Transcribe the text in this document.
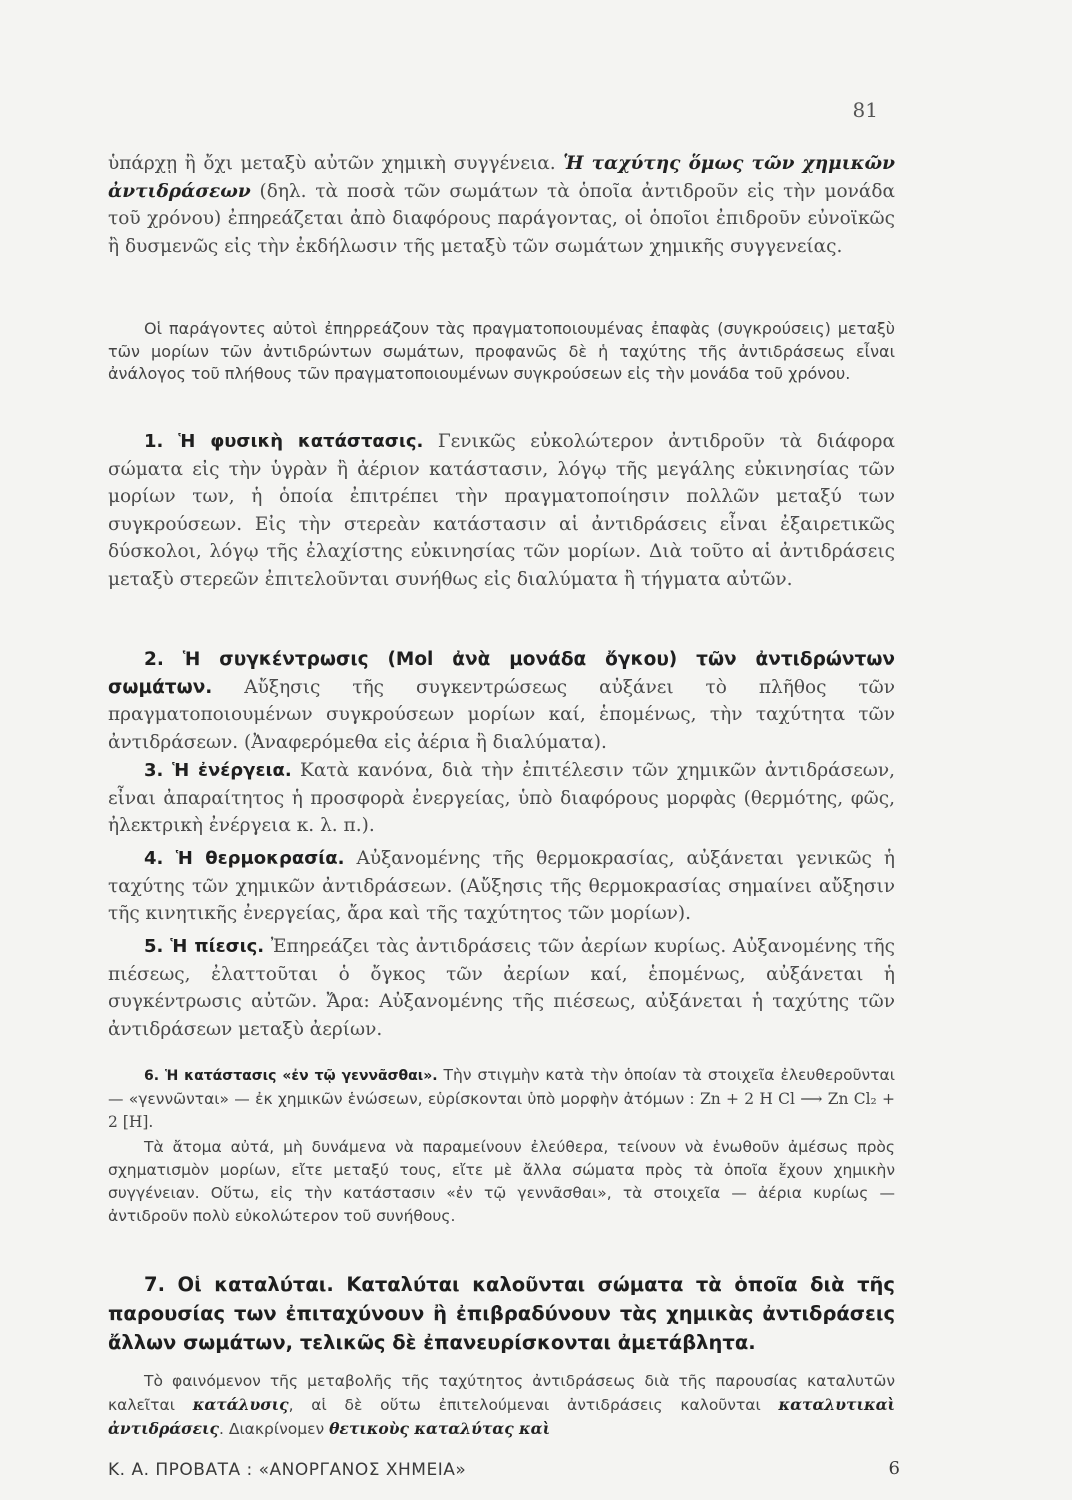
81

ὑπάρχῃ ἢ ὄχι μεταξὺ αὐτῶν χημικὴ συγγένεια. Ἡ ταχύτης ὅμως τῶν χημικῶν ἀντιδράσεων (δηλ. τὰ ποσὰ τῶν σωμάτων τὰ ὁποῖα ἀντιδροῦν εἰς τὴν μονάδα τοῦ χρόνου) ἐπηρεάζεται ἀπὸ διαφόρους παράγοντας, οἱ ὁποῖοι ἐπιδροῦν εὐνοϊκῶς ἢ δυσμενῶς εἰς τὴν ἐκδήλωσιν τῆς μεταξὺ τῶν σωμάτων χημικῆς συγγενείας.

Οἱ παράγοντες αὐτοὶ ἐπηρρεάζουν τὰς πραγματοποιουμένας ἐπαφὰς (συγκρούσεις) μεταξὺ τῶν μορίων τῶν ἀντιδρώντων σωμάτων, προφανῶς δὲ ἡ ταχύτης τῆς ἀντιδράσεως εἶναι ἀνάλογος τοῦ πλήθους τῶν πραγματοποιουμένων συγκρούσεων εἰς τὴν μονάδα τοῦ χρόνου.

1. Ἡ φυσικὴ κατάστασις. Γενικῶς εὐκολώτερον ἀντιδροῦν τὰ διάφορα σώματα εἰς τὴν ὑγρὰν ἢ ἀέριον κατάστασιν, λόγῳ τῆς μεγάλης εὐκινησίας τῶν μορίων των, ἡ ὁποία ἐπιτρέπει τὴν πραγματοποίησιν πολλῶν μεταξύ των συγκρούσεων. Εἰς τὴν στερεὰν κατάστασιν αἱ ἀντιδράσεις εἶναι ἐξαιρετικῶς δύσκολοι, λόγῳ τῆς ἐλαχίστης εὐκινησίας τῶν μορίων. Διὰ τοῦτο αἱ ἀντιδράσεις μεταξὺ στερεῶν ἐπιτελοῦνται συνήθως εἰς διαλύματα ἢ τήγματα αὐτῶν.

2. Ἡ συγκέντρωσις (Mol ἀνὰ μονάδα ὄγκου) τῶν ἀντιδρώντων σωμάτων. Αὔξησις τῆς συγκεντρώσεως αὐξάνει τὸ πλῆθος τῶν πραγματοποιουμένων συγκρούσεων μορίων καί, ἑπομένως, τὴν ταχύτητα τῶν ἀντιδράσεων. (Ἀναφερόμεθα εἰς ἀέρια ἢ διαλύματα).

3. Ἡ ἐνέργεια. Κατὰ κανόνα, διὰ τὴν ἐπιτέλεσιν τῶν χημικῶν ἀντιδράσεων, εἶναι ἀπαραίτητος ἡ προσφορὰ ἐνεργείας, ὑπὸ διαφόρους μορφὰς (θερμότης, φῶς, ἠλεκτρικὴ ἐνέργεια κ. λ. π.).

4. Ἡ θερμοκρασία. Αὐξανομένης τῆς θερμοκρασίας, αὐξάνεται γενικῶς ἡ ταχύτης τῶν χημικῶν ἀντιδράσεων. (Αὔξησις τῆς θερμοκρασίας σημαίνει αὔξησιν τῆς κινητικῆς ἐνεργείας, ἄρα καὶ τῆς ταχύτητος τῶν μορίων).

5. Ἡ πίεσις. Ἐπηρεάζει τὰς ἀντιδράσεις τῶν ἀερίων κυρίως. Αὐξανομένης τῆς πιέσεως, ἐλαττοῦται ὁ ὄγκος τῶν ἀερίων καί, ἑπομένως, αὐξάνεται ἡ συγκέντρωσις αὐτῶν. Ἄρα: Αὐξανομένης τῆς πιέσεως, αὐξάνεται ἡ ταχύτης τῶν ἀντιδράσεων μεταξὺ ἀερίων.

6. Ἡ κατάστασις «ἐν τῷ γεννᾶσθαι». Τὴν στιγμὴν κατὰ τὴν ὁποίαν τὰ στοιχεῖα ἐλευθεροῦνται — «γεννῶνται» — ἐκ χημικῶν ἑνώσεων, εὑρίσκονται ὑπὸ μορφὴν ἀτόμων : Zn + 2 H Cl ⟶ Zn Cl₂ + 2 [H].

Τὰ ἄτομα αὐτά, μὴ δυνάμενα νὰ παραμείνουν ἐλεύθερα, τείνουν νὰ ἑνωθοῦν ἀμέσως πρὸς σχηματισμὸν μορίων, εἴτε μεταξύ τους, εἴτε μὲ ἄλλα σώματα πρὸς τὰ ὁποῖα ἔχουν χημικὴν συγγένειαν. Οὕτω, εἰς τὴν κατάστασιν «ἐν τῷ γεννᾶσθαι», τὰ στοιχεῖα — ἀέρια κυρίως — ἀντιδροῦν πολὺ εὐκολώτερον τοῦ συνήθους.

7. Οἱ καταλύται. Καταλύται καλοῦνται σώματα τὰ ὁποῖα διὰ τῆς παρουσίας των ἐπιταχύνουν ἢ ἐπιβραδύνουν τὰς χημικὰς ἀντιδράσεις ἄλλων σωμάτων, τελικῶς δὲ ἐπανευρίσκονται ἀμετάβλητα.

Τὸ φαινόμενον τῆς μεταβολῆς τῆς ταχύτητος ἀντιδράσεως διὰ τῆς παρουσίας καταλυτῶν καλεῖται κατάλυσις, αἱ δὲ οὕτω ἐπιτελούμεναι ἀντιδράσεις καλοῦνται καταλυτικαὶ ἀντιδράσεις. Διακρίνομεν θετικοὺς καταλύτας καὶ

Κ. Α. ΠΡΟΒΑΤΑ : «ΑΝΟΡΓΑΝΟΣ ΧΗΜΕΙΑ»	6
